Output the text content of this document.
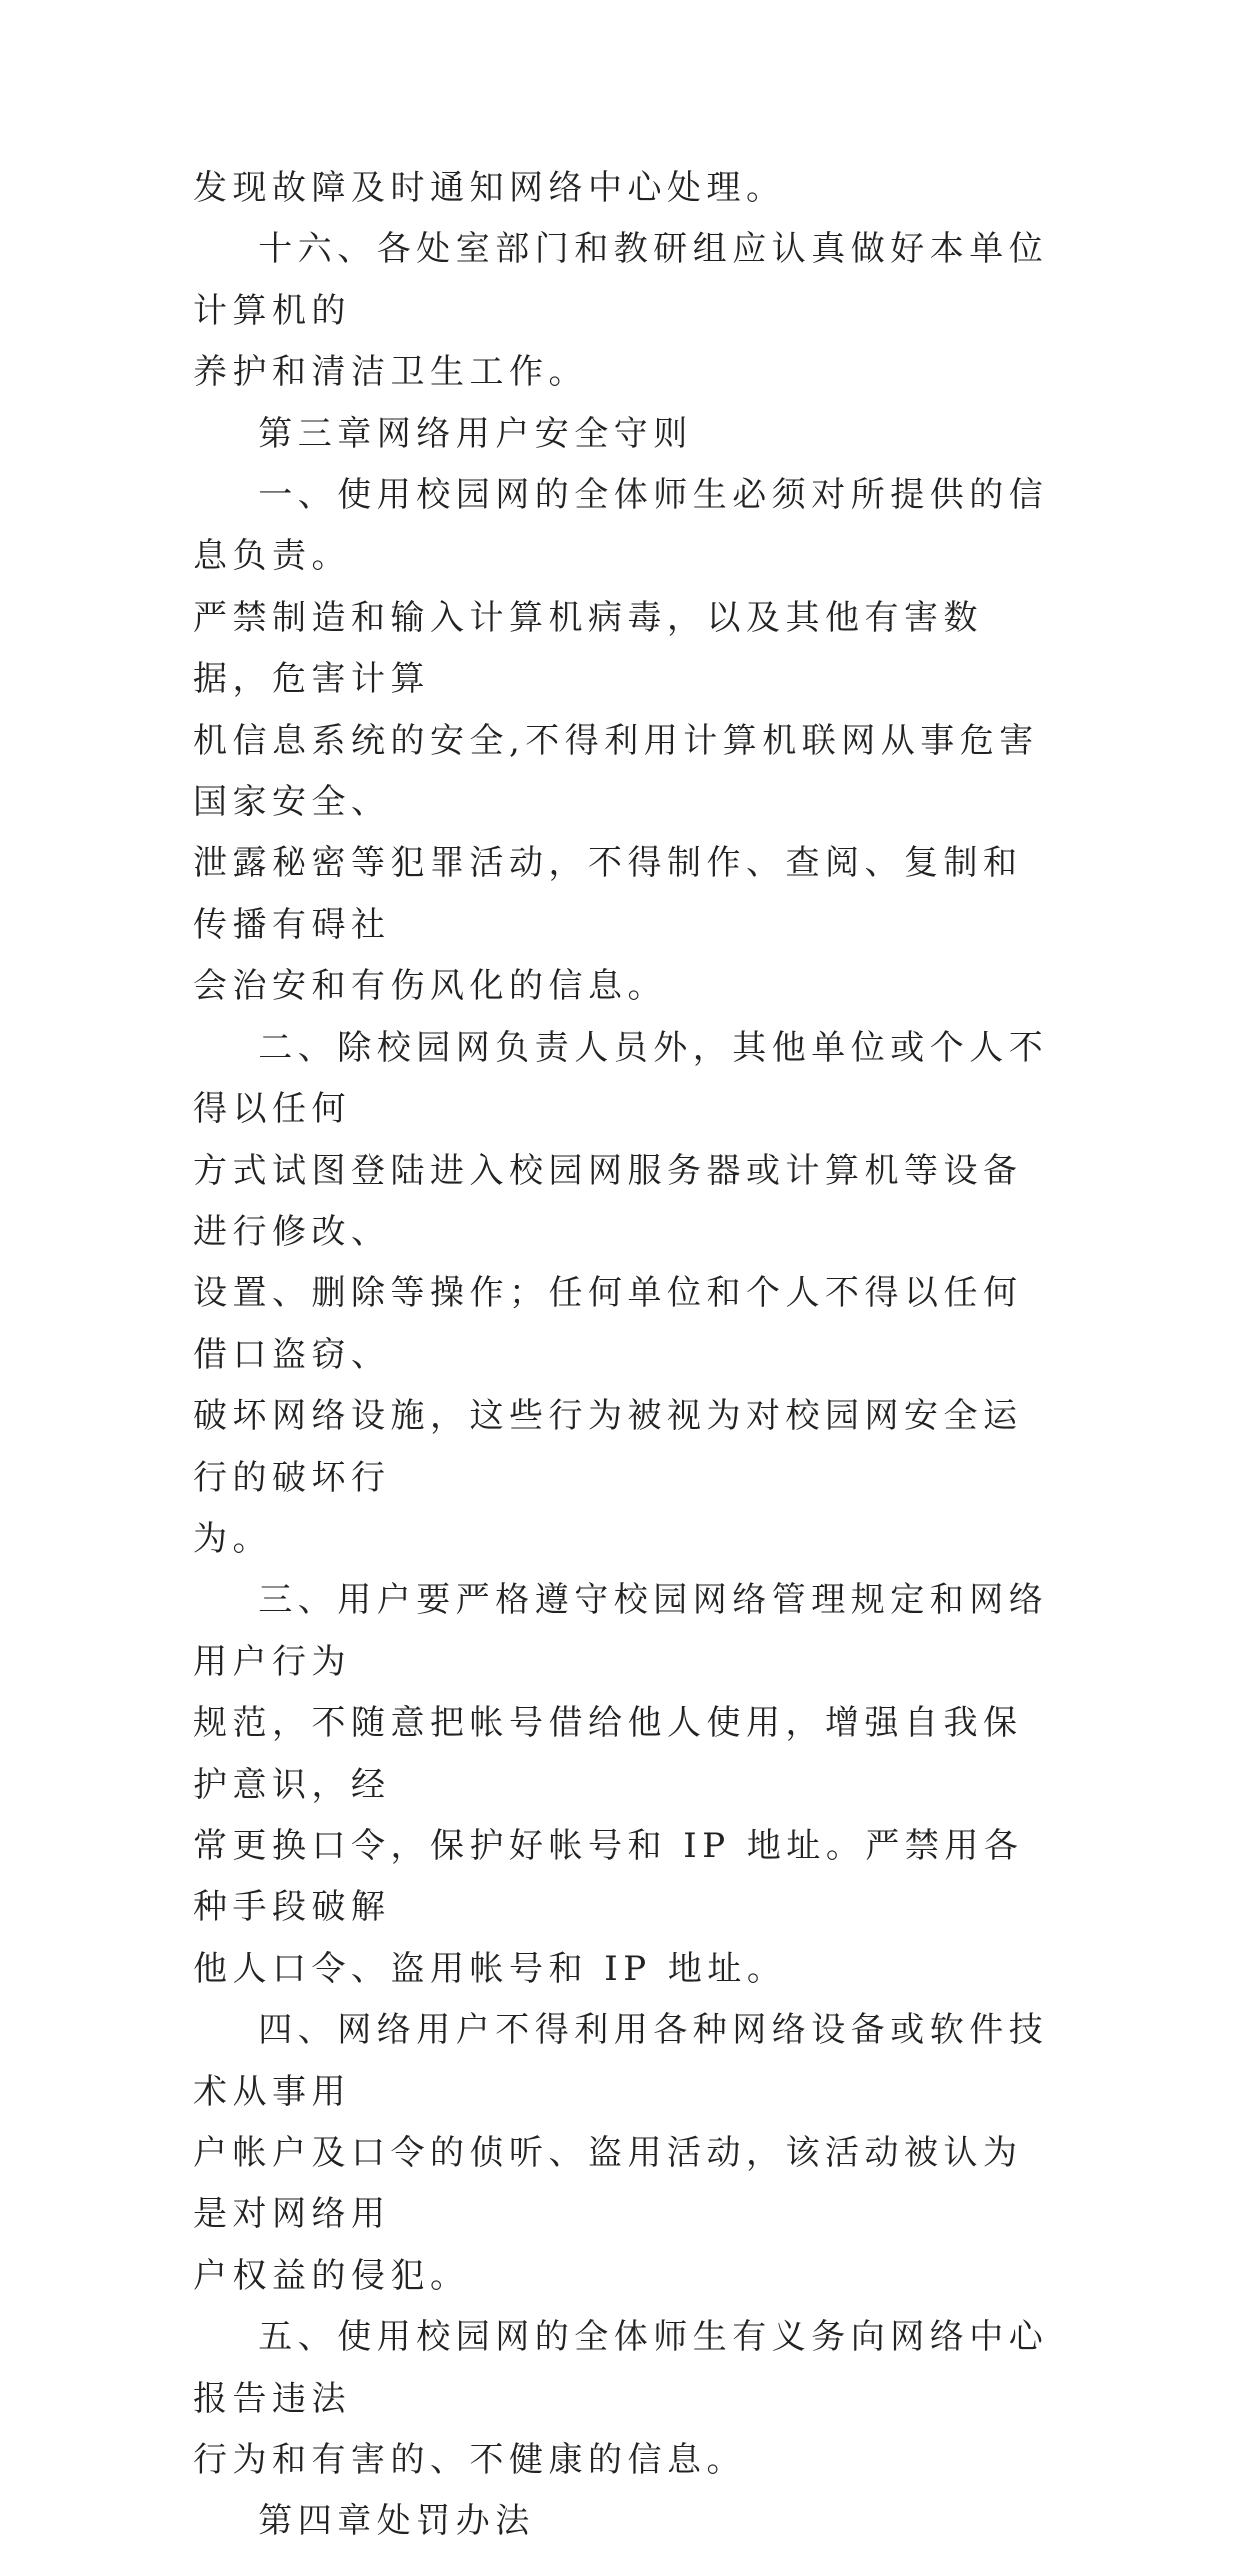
发现故障及时通知网络中心处理。

十六、各处室部门和教研组应认真做好本单位计算机的

养护和清洁卫生工作。

第三章网络用户安全守则

一、使用校园网的全体师生必须对所提供的信息负责。

严禁制造和输入计算机病毒，以及其他有害数据，危害计算

机信息系统的安全,不得利用计算机联网从事危害国家安全、

泄露秘密等犯罪活动，不得制作、查阅、复制和传播有碍社

会治安和有伤风化的信息。

二、除校园网负责人员外，其他单位或个人不得以任何

方式试图登陆进入校园网服务器或计算机等设备进行修改、

设置、删除等操作；任何单位和个人不得以任何借口盗窃、

破坏网络设施，这些行为被视为对校园网安全运行的破坏行

为。

三、用户要严格遵守校园网络管理规定和网络用户行为

规范，不随意把帐号借给他人使用，增强自我保护意识，经

常更换口令，保护好帐号和 IP 地址。严禁用各种手段破解

他人口令、盗用帐号和 IP 地址。

四、网络用户不得利用各种网络设备或软件技术从事用

户帐户及口令的侦听、盗用活动，该活动被认为是对网络用

户权益的侵犯。

五、使用校园网的全体师生有义务向网络中心报告违法

行为和有害的、不健康的信息。

第四章处罚办法
